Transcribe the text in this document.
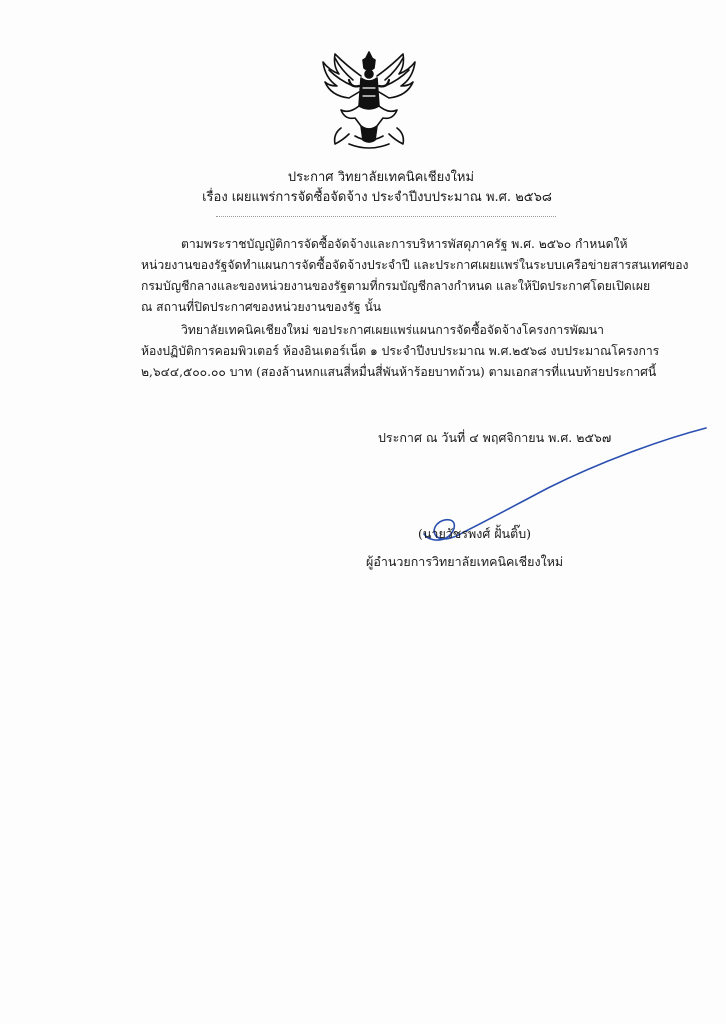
ประกาศ วิทยาลัยเทคนิคเชียงใหม่
เรื่อง เผยแพร่การจัดซื้อจัดจ้าง ประจำปีงบประมาณ พ.ศ. ๒๕๖๘
ตามพระราชบัญญัติการจัดซื้อจัดจ้างและการบริหารพัสดุภาครัฐ พ.ศ. ๒๕๖๐ กำหนดให้
หน่วยงานของรัฐจัดทำแผนการจัดซื้อจัดจ้างประจำปี และประกาศเผยแพร่ในระบบเครือข่ายสารสนเทศของ
กรมบัญชีกลางและของหน่วยงานของรัฐตามที่กรมบัญชีกลางกำหนด และให้ปิดประกาศโดยเปิดเผย
ณ สถานที่ปิดประกาศของหน่วยงานของรัฐ นั้น
วิทยาลัยเทคนิคเชียงใหม่ ขอประกาศเผยแพร่แผนการจัดซื้อจัดจ้างโครงการพัฒนา
ห้องปฏิบัติการคอมพิวเตอร์ ห้องอินเตอร์เน็ต ๑ ประจำปีงบประมาณ พ.ศ.๒๕๖๘ งบประมาณโครงการ
๒,๖๔๔,๕๐๐.๐๐ บาท (สองล้านหกแสนสี่หมื่นสี่พันห้าร้อยบาทถ้วน) ตามเอกสารที่แนบท้ายประกาศนี้
ประกาศ ณ วันที่ ๔ พฤศจิกายน พ.ศ. ๒๕๖๗
(นายวัชรพงศ์ ฝั้นติ๊บ)
ผู้อำนวยการวิทยาลัยเทคนิคเชียงใหม่
